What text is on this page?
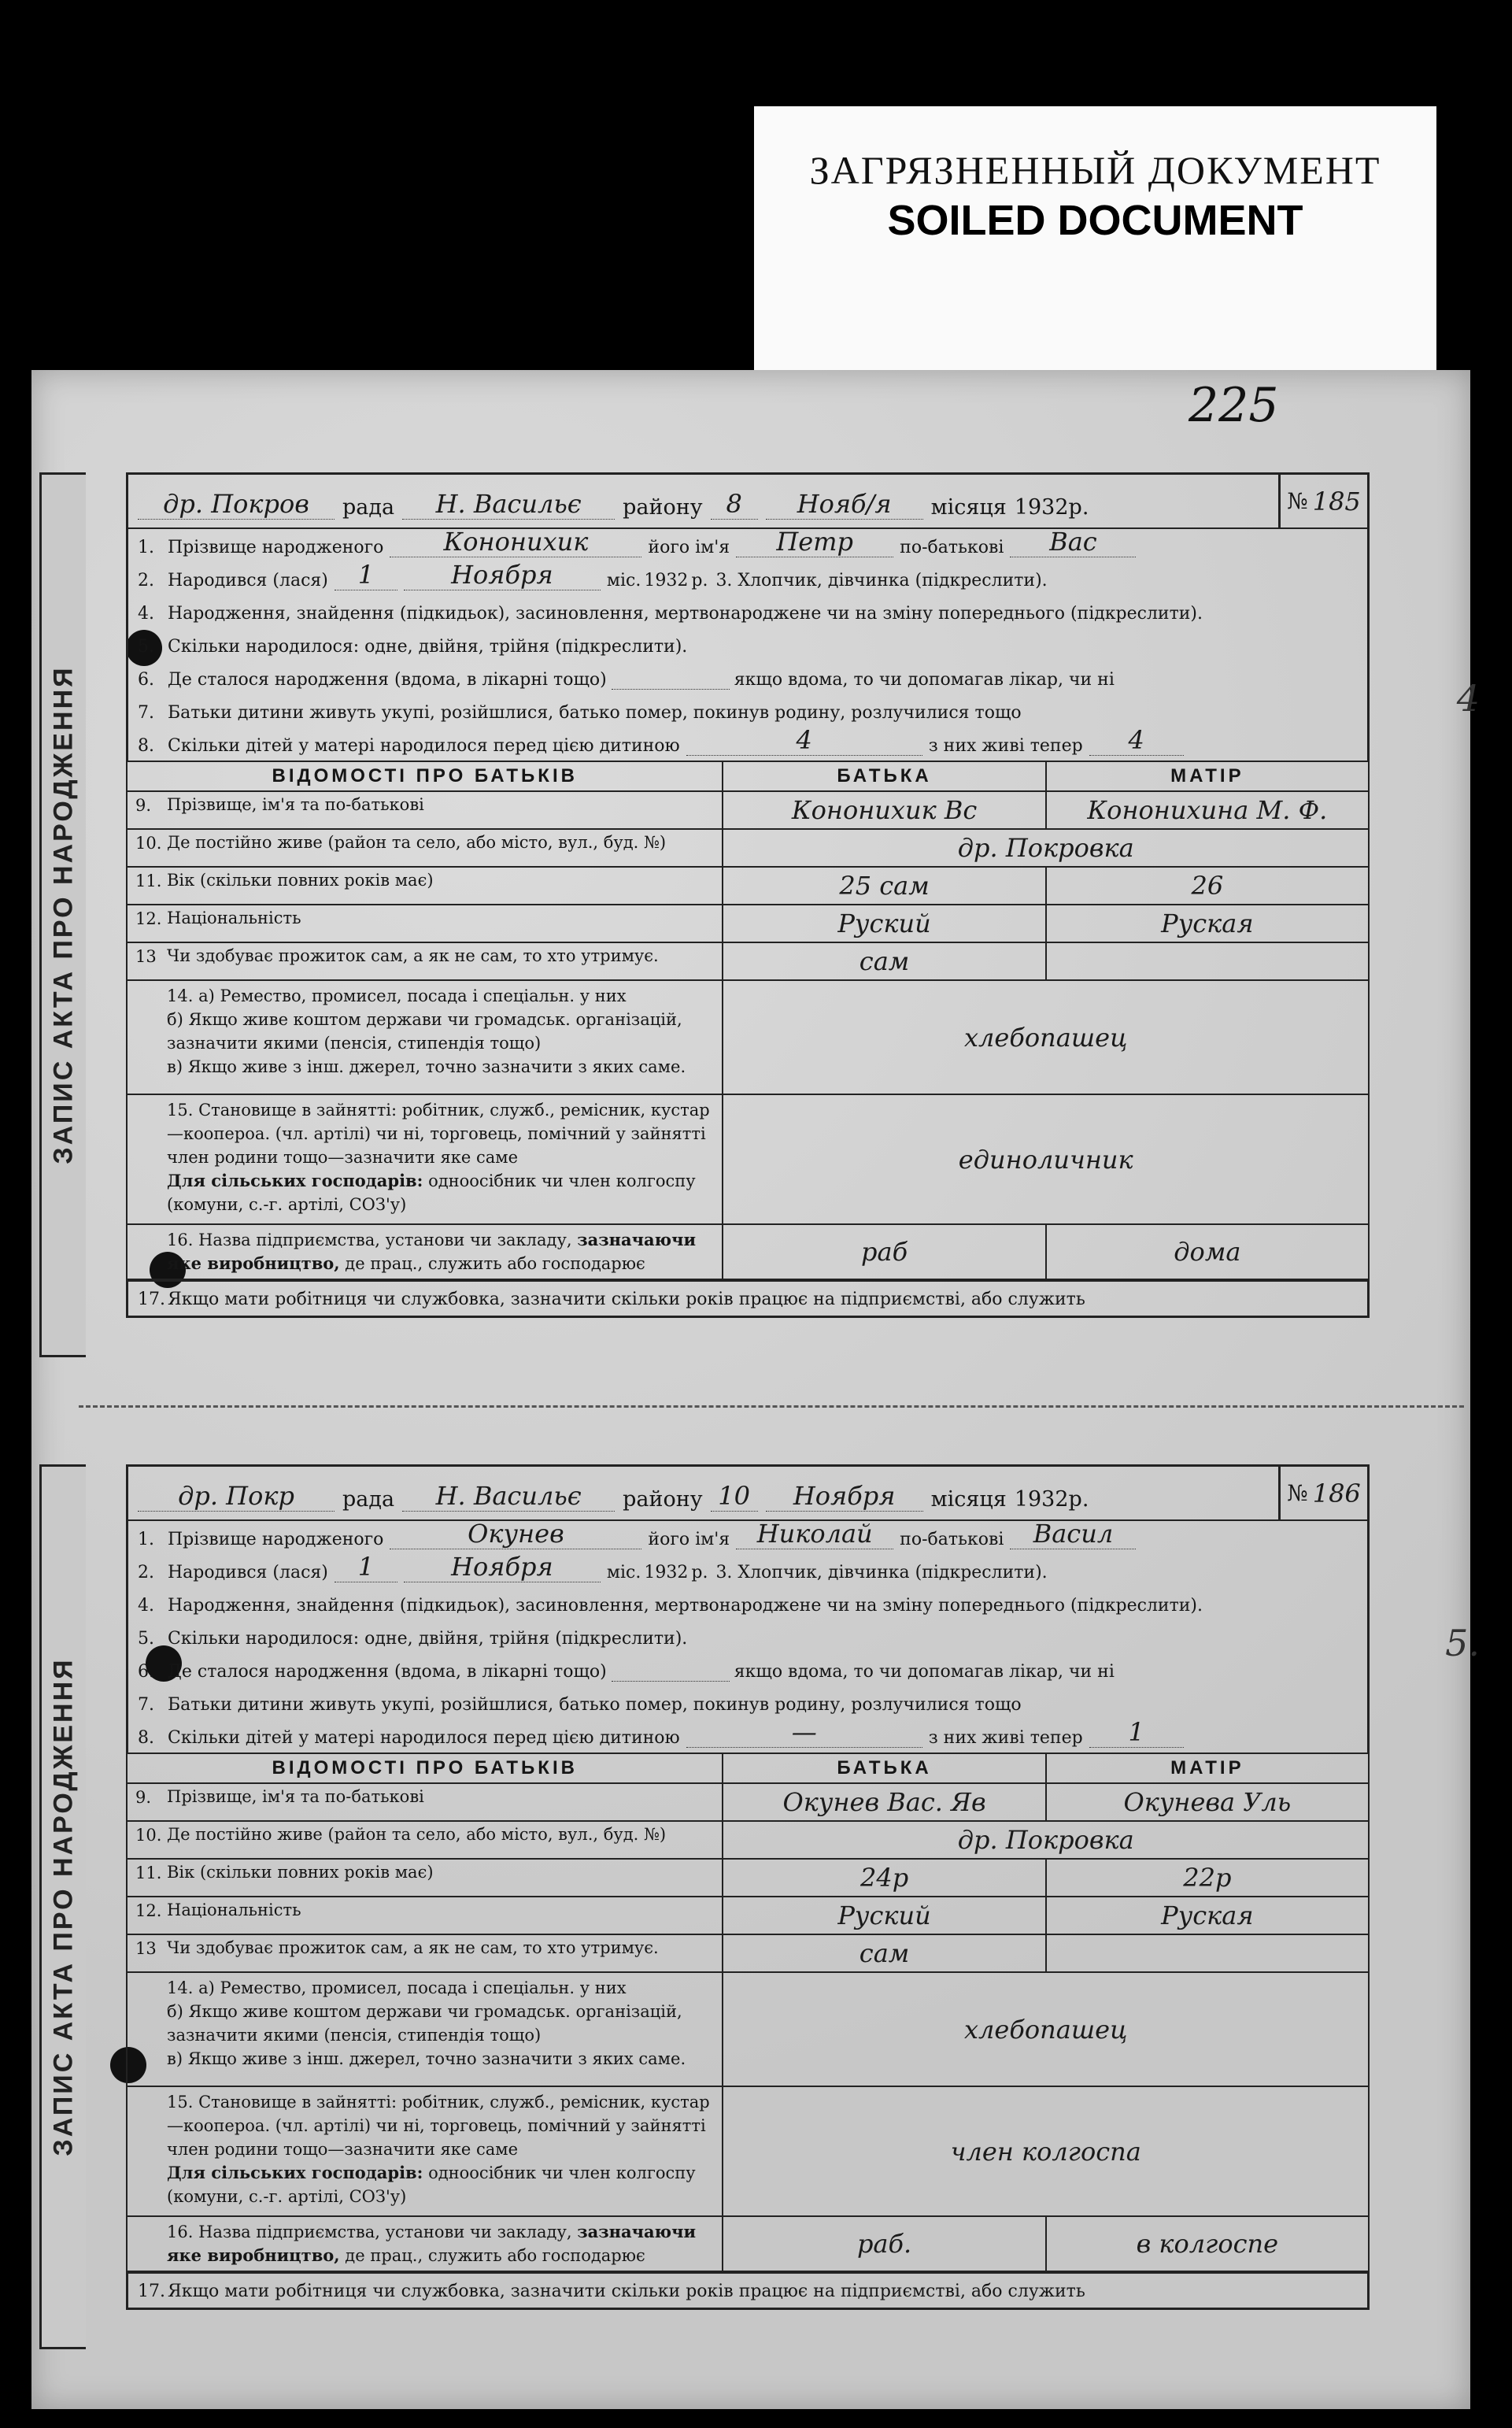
ЗАГРЯЗНЕННЫЙ ДОКУМЕНТ
SOILED DOCUMENT
225
ЗАПИС АКТА ПРО НАРОДЖЕННЯ
др. Покров	рада	Н. Васильє	району 8	Нояб/я	місяця 1932 р.	№ 185
1. Прізвище народженого	Кононихик	його ім'я	Петр	по-батькові	Вас
2. Народився (лася)	1	Ноября	міс. 1932 р. 3. Хлопчик, дівчинка (підкреслити).
4. Народження, знайдення (підкидьок), засиновлення, мертвонароджене чи на зміну попереднього (підкреслити).
5. Скільки народилося: одне, двійня, трійня (підкреслити).
6. Де сталося народження (вдома, в лікарні тощо)	якщо вдома, то чи допомагав лікар, чи ні
7. Батьки дитини живуть укупі, розійшлися, батько помер, покинув родину, розлучилися тощо
8. Скільки дітей у матері народилося перед цією дитиною	4	з них живі тепер	4
ВІДОМОСТІ ПРО БАТЬКІВ	БАТЬКА	МАТІР

9. Прізвище, ім'я та по-батькові	Кононихик Вс	Кононихина М. Ф.

10. Де постійно живе (район та село, або місто, вул., буд. №)	др. Покровка	

11. Вік (скільки повних років має)	25 сам	26

12. Національність	Руский	Руская

13 Чи здобуває прожиток сам, а як не сам, то хто утримує.	сам	
14. а) Ремество, промисел, посада і спеціальн. у них
б) Якщо живе коштом держави чи громадськ. організацій, зазначити якими (пенсія, стипендія тощо)
в) Якщо живе з інш. джерел, точно зазначити з яких саме.	хлебопашец	
15. Становище в зайнятті: робітник, служб., ремісник, кустар—коопероа. (чл. артілі) чи ні, торговець, помічний у зайнятті член родини тощо—зазначити яке саме
Для сільських господарів: одноосібник чи член колгоспу (комуни, с.-г. артілі, СОЗ'у)	единоличник	
16. Назва підприємства, установи чи закладу, зазначаючи яке виробництво, де прац., служить або господарює	раб	дома
17. Якщо мати робітниця чи службовка, зазначити скільки років працює на підприємстві, або служить
4
ЗАПИС АКТА ПРО НАРОДЖЕННЯ
др. Покр	рада	Н. Васильє	району 10	Ноября	місяця 1932 р.	№ 186
1. Прізвище народженого	Окунев	його ім'я	Николай	по-батькові	Васил
2. Народився (лася)	1	Ноября	міс. 1932 р. 3. Хлопчик, дівчинка (підкреслити).
4. Народження, знайдення (підкидьок), засиновлення, мертвонароджене чи на зміну попереднього (підкреслити).
5. Скільки народилося: одне, двійня, трійня (підкреслити).
6. Де сталося народження (вдома, в лікарні тощо)	якщо вдома, то чи допомагав лікар, чи ні
7. Батьки дитини живуть укупі, розійшлися, батько помер, покинув родину, розлучилися тощо
8. Скільки дітей у матері народилося перед цією дитиною	—	з них живі тепер	1
ВІДОМОСТІ ПРО БАТЬКІВ	БАТЬКА	МАТІР

9. Прізвище, ім'я та по-батькові	Окунев Вас. Яв	Окунева Уль

10. Де постійно живе (район та село, або місто, вул., буд. №)	др. Покровка	

11. Вік (скільки повних років має)	24р	22р

12. Національність	Руский	Руская

13 Чи здобуває прожиток сам, а як не сам, то хто утримує.	сам	
14. а) Ремество, промисел, посада і спеціальн. у них
б) Якщо живе коштом держави чи громадськ. організацій, зазначити якими (пенсія, стипендія тощо)
в) Якщо живе з інш. джерел, точно зазначити з яких саме.	хлебопашец	
15. Становище в зайнятті: робітник, служб., ремісник, кустар—коопероа. (чл. артілі) чи ні, торговець, помічний у зайнятті член родини тощо—зазначити яке саме
Для сільських господарів: одноосібник чи член колгоспу (комуни, с.-г. артілі, СОЗ'у)	член колгоспа	
16. Назва підприємства, установи чи закладу, зазначаючи яке виробництво, де прац., служить або господарює	раб.	в колгоспе
17. Якщо мати робітниця чи службовка, зазначити скільки років працює на підприємстві, або служить
5.
